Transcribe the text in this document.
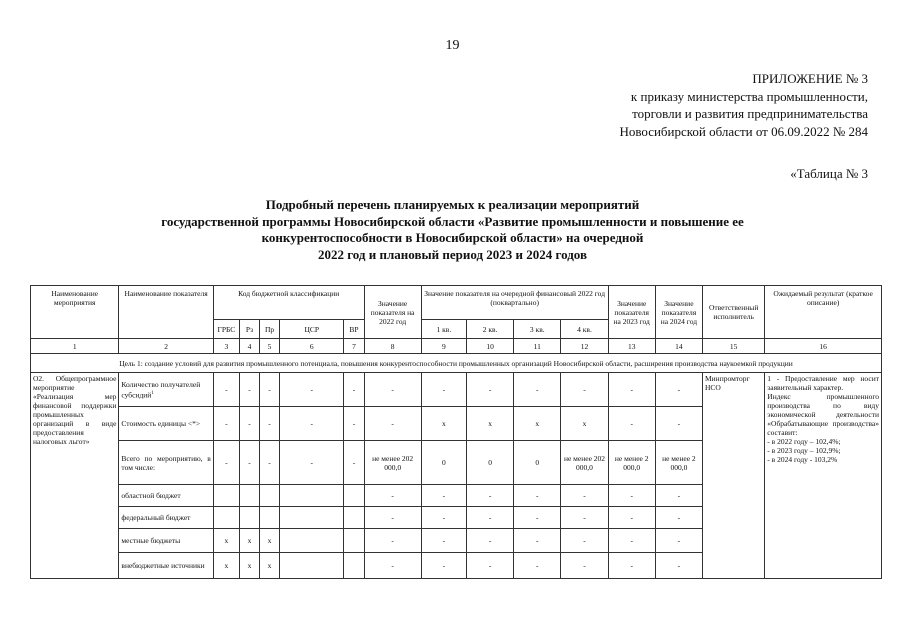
19
ПРИЛОЖЕНИЕ № 3
к приказу министерства промышленности,
торговли и развития предпринимательства
Новосибирской области от 06.09.2022 № 284
«Таблица № 3
Подробный перечень планируемых к реализации мероприятий
государственной программы Новосибирской области «Развитие промышленности и повышение ее
конкурентоспособности в Новосибирской области» на очередной
2022 год и плановый период 2023 и 2024 годов
Наименование мероприятия	Наименование показателя	Код бюджетной классификации					Значение показателя на 2022 год	Значение показателя на очередной финансовый 2022 год (поквартально)				Значение показателя на 2023 год	Значение показателя на 2024 год	Ответственный исполнитель	Ожидаемый результат (краткое описание)
		ГРБС	Рз	Пр	ЦСР	ВР		1 кв.	2 кв.	3 кв.	4 кв.				
1	2	3	4	5	6	7	8	9	10	11	12	13	14	15	16
Цель 1: создание условий для развития промышленного потенциала, повышения конкурентоспособности промышленных организаций Новосибирской области, расширения производства наукоемкой продукции															
О2. Общепрограммное мероприятие «Реализация мер финансовой поддержки промышленных организаций в виде предоставления налоговых льгот»	Количество получателей субсидий$^1$	-	-	-	-	-	-	-	-	-	-	-	-	Минпромторг НСО	1 - Предоставление мер носит заявительный характер.
Индекс промышленного производства по виду экономической деятельности «Обрабатывающие производства» составит:
- в 2022 году – 102,4%;
- в 2023 году – 102,9%;
- в 2024 году - 103,2%

	Стоимость единицы <*>	-	-	-	-	-	-	x	x	x	x	-	-		
	Всего по мероприятию, в том числе:	-	-	-	-	-	не менее 202 000,0	0	0	0	не менее 202 000,0	не менее 2 000,0	не менее 2 000,0		
	областной бюджет						-	-	-	-	-	-	-		
	федеральный бюджет						-	-	-	-	-	-	-		
	местные бюджеты	x	x	x			-	-	-	-	-	-	-		
	внебюджетные источники	x	x	x			-	-	-	-	-	-	-		
